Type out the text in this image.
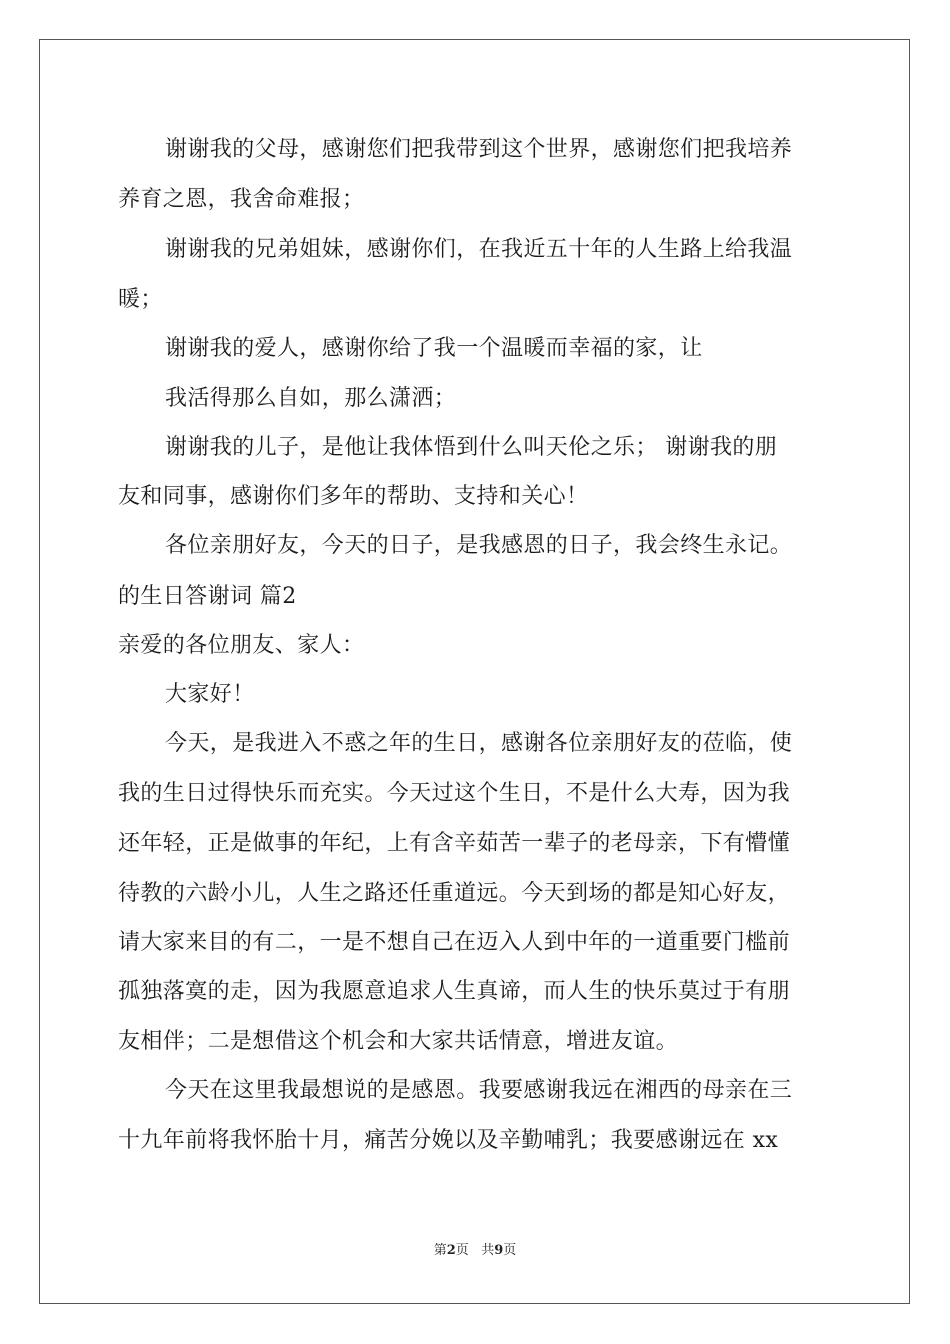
谢谢我的父母，感谢您们把我带到这个世界，感谢您们把我培养
养育之恩，我舍命难报；
谢谢我的兄弟姐妹，感谢你们，在我近五十年的人生路上给我温
暖；
谢谢我的爱人，感谢你给了我一个温暖而幸福的家，让
我活得那么自如，那么潇洒；
谢谢我的儿子，是他让我体悟到什么叫天伦之乐； 谢谢我的朋
友和同事，感谢你们多年的帮助、支持和关心！
各位亲朋好友，今天的日子，是我感恩的日子，我会终生永记。
的生日答谢词 篇2
亲爱的各位朋友、家人：
大家好！
今天，是我进入不惑之年的生日，感谢各位亲朋好友的莅临，使
我的生日过得快乐而充实。今天过这个生日，不是什么大寿，因为我
还年轻，正是做事的年纪，上有含辛茹苦一辈子的老母亲，下有懵懂
待教的六龄小儿，人生之路还任重道远。今天到场的都是知心好友，
请大家来目的有二，一是不想自己在迈入人到中年的一道重要门槛前
孤独落寞的走，因为我愿意追求人生真谛，而人生的快乐莫过于有朋
友相伴；二是想借这个机会和大家共话情意，增进友谊。
今天在这里我最想说的是感恩。我要感谢我远在湘西的母亲在三
十九年前将我怀胎十月，痛苦分娩以及辛勤哺乳；我要感谢远在 xx
第2页 共9页
